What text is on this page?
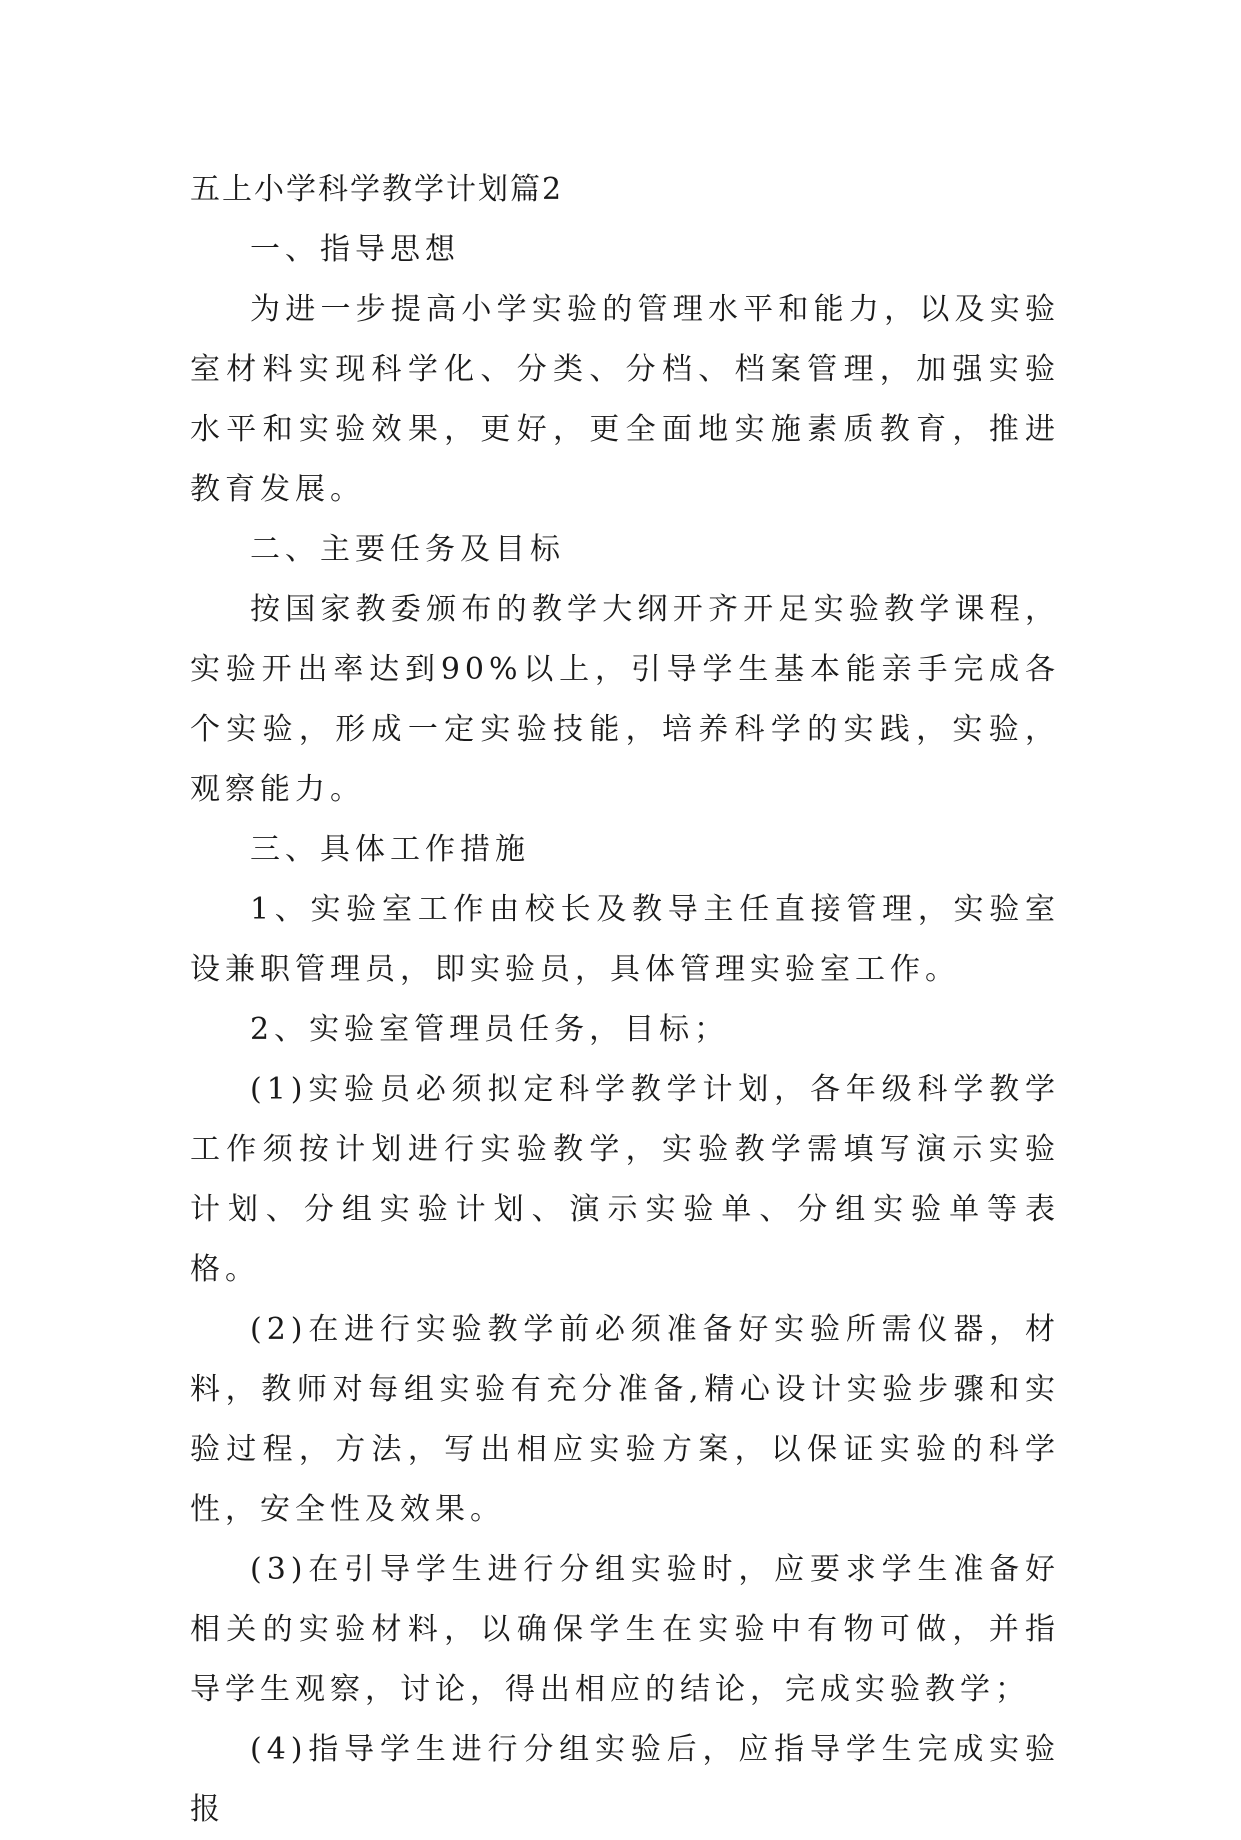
五上小学科学教学计划篇2

一、指导思想

为进一步提高小学实验的管理水平和能力，以及实验室材料实现科学化、分类、分档、档案管理，加强实验水平和实验效果，更好，更全面地实施素质教育，推进教育发展。

二、主要任务及目标

按国家教委颁布的教学大纲开齐开足实验教学课程，实验开出率达到90%以上，引导学生基本能亲手完成各个实验，形成一定实验技能，培养科学的实践，实验，观察能力。

三、具体工作措施

1、实验室工作由校长及教导主任直接管理，实验室设兼职管理员，即实验员，具体管理实验室工作。

2、实验室管理员任务，目标；

(1)实验员必须拟定科学教学计划，各年级科学教学工作须按计划进行实验教学，实验教学需填写演示实验计划、分组实验计划、演示实验单、分组实验单等表格。

(2)在进行实验教学前必须准备好实验所需仪器，材料，教师对每组实验有充分准备,精心设计实验步骤和实验过程，方法，写出相应实验方案，以保证实验的科学性，安全性及效果。

(3)在引导学生进行分组实验时，应要求学生准备好相关的实验材料，以确保学生在实验中有物可做，并指导学生观察，讨论，得出相应的结论，完成实验教学；

(4)指导学生进行分组实验后，应指导学生完成实验报
